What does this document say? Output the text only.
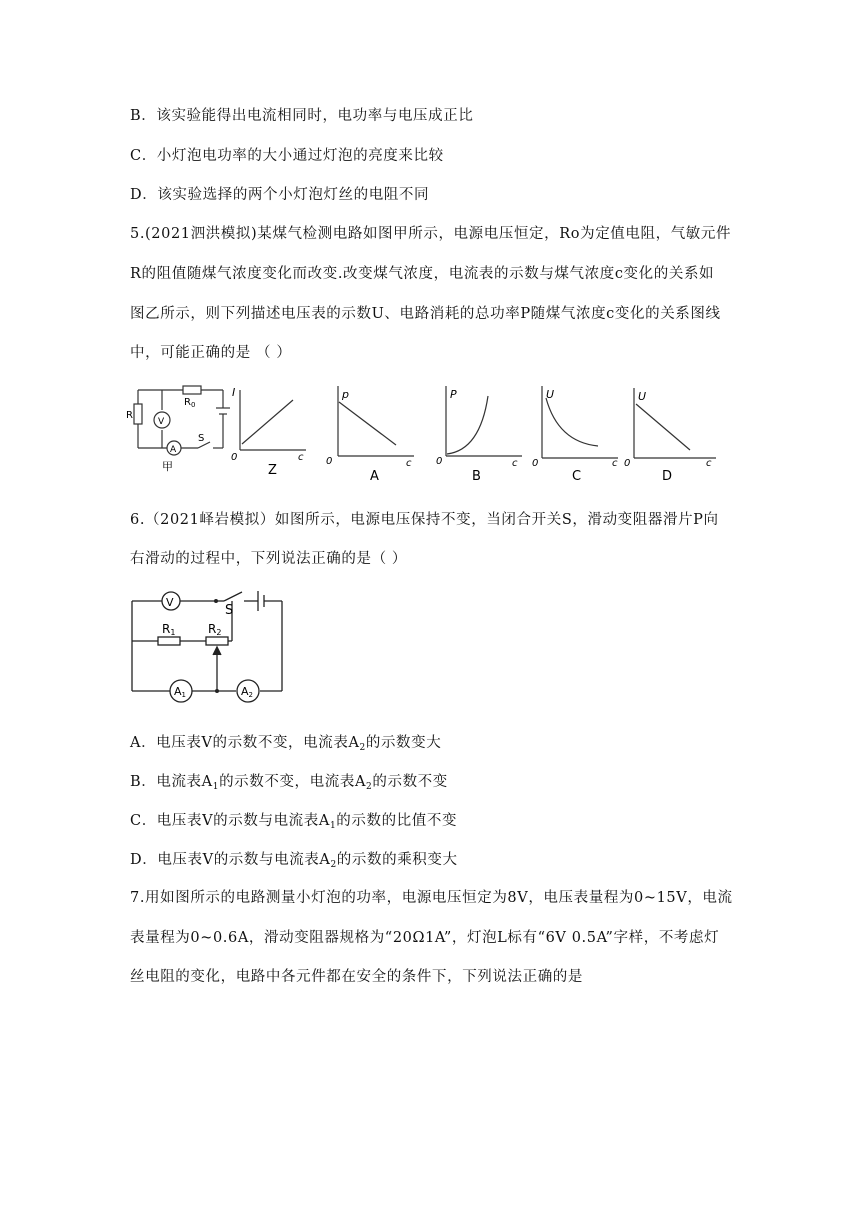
B．该实验能得出电流相同时，电功率与电压成正比
C．小灯泡电功率的大小通过灯泡的亮度来比较
D．该实验选择的两个小灯泡灯丝的电阻不同
5.(2021泗洪模拟)某煤气检测电路如图甲所示，电源电压恒定，Ro为定值电阻，气敏元件
R的阻值随煤气浓度变化而改变.改变煤气浓度，电流表的示数与煤气浓度c变化的关系如
图乙所示，则下列描述电压表的示数U、电路消耗的总功率P随煤气浓度c变化的关系图线
中，可能正确的是 （ ）
R
$R_0$
V
A
S
甲
I
0	c
Z
p
0	c
A
P
0	c
B
U
0	c
C
U
0	c
D
6.（2021峄岩模拟）如图所示，电源电压保持不变，当闭合开关S，滑动变阻器滑片P向
右滑动的过程中，下列说法正确的是（ ）
V
S
R1	R2
A1	A2
A．电压表V的示数不变，电流表$A_2$的示数变大
B．电流表$A_1$的示数不变，电流表$A_2$的示数不变
C．电压表V的示数与电流表$A_1$的示数的比值不变
D．电压表V的示数与电流表$A_2$的示数的乘积变大
7.用如图所示的电路测量小灯泡的功率，电源电压恒定为8V，电压表量程为0~15V，电流
表量程为0~0.6A，滑动变阻器规格为“20Ω1A”，灯泡L标有“6V 0.5A”字样，不考虑灯
丝电阻的变化，电路中各元件都在安全的条件下，下列说法正确的是
